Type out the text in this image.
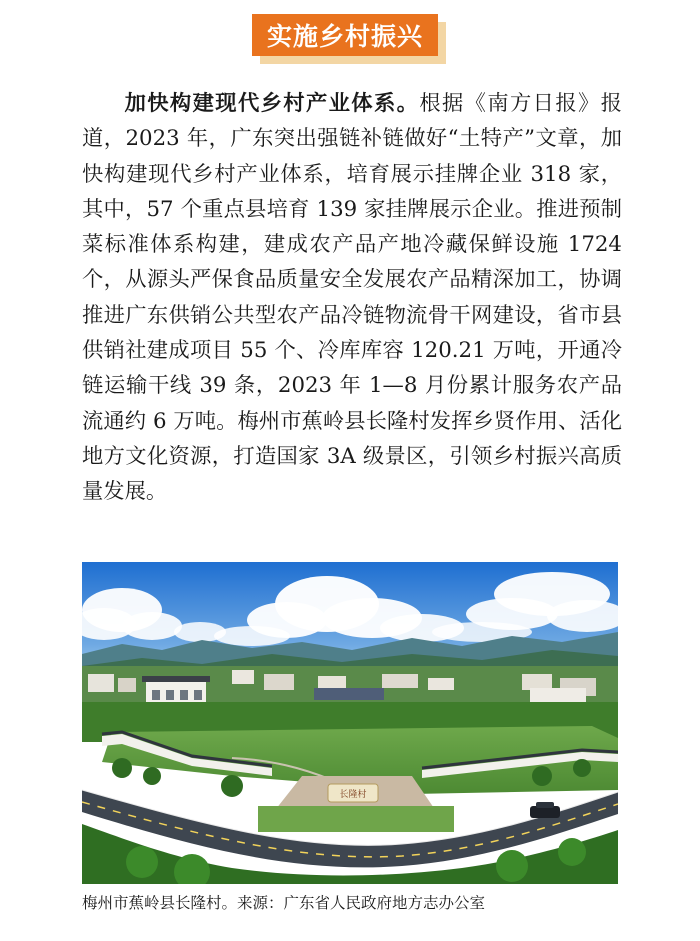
实施乡村振兴

加快构建现代乡村产业体系。根据《南方日报》报道，2023 年，广东突出强链补链做好“土特产”文章，加快构建现代乡村产业体系，培育展示挂牌企业 318 家，其中，57 个重点县培育 139 家挂牌展示企业。推进预制菜标准体系构建，建成农产品产地冷藏保鲜设施 1724 个，从源头严保食品质量安全发展农产品精深加工，协调推进广东供销公共型农产品冷链物流骨干网建设，省市县供销社建成项目 55 个、冷库库容 120.21 万吨，开通冷链运输干线 39 条，2023 年 1—8 月份累计服务农产品流通约 6 万吨。梅州市蕉岭县长隆村发挥乡贤作用、活化地方文化资源，打造国家 3A 级景区，引领乡村振兴高质量发展。

长隆村
梅州市蕉岭县长隆村。来源：广东省人民政府地方志办公室
